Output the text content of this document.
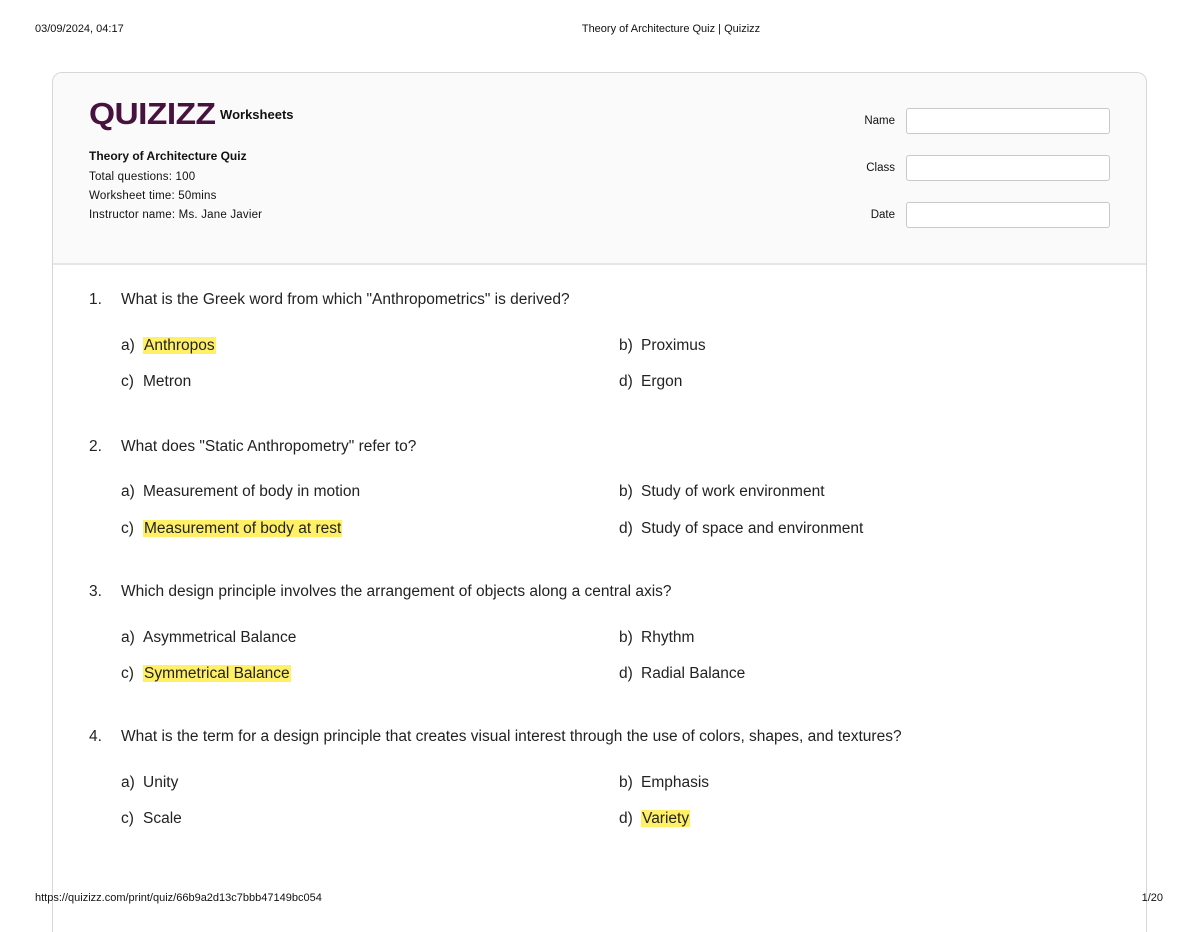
03/09/2024, 04:17	Theory of Architecture Quiz | Quizizz
QUIZIZZ Worksheets
Theory of Architecture Quiz
Total questions: 100
Worksheet time: 50mins
Instructor name: Ms. Jane Javier
Name
Class
Date
1. What is the Greek word from which "Anthropometrics" is derived?
a) Anthropos	b) Proximus
c) Metron	d) Ergon
2. What does "Static Anthropometry" refer to?
a) Measurement of body in motion	b) Study of work environment
c) Measurement of body at rest	d) Study of space and environment
3. Which design principle involves the arrangement of objects along a central axis?
a) Asymmetrical Balance	b) Rhythm
c) Symmetrical Balance	d) Radial Balance
4. What is the term for a design principle that creates visual interest through the use of colors, shapes, and textures?
a) Unity	b) Emphasis
c) Scale	d) Variety
https://quizizz.com/print/quiz/66b9a2d13c7bbb47149bc054	1/20
